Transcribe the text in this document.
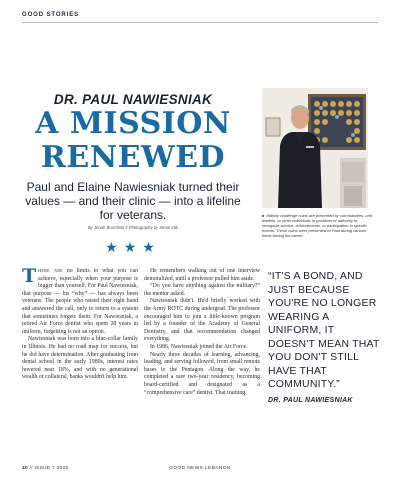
GOOD STORIES
DR. PAUL NAWIESNIAK
A MISSION
RENEWED
Paul and Elaine Nawiesniak turned their values — and their clinic — into a lifeline for veterans.
By Jenah Brumfield // Photography by Steve Zak
★★★
■ Military challenge coins are presented by commanders, unit leaders, or other individuals in positions of authority to recognize service, achievements, or participation in specific events. These coins were presented to Paul during various times during his career.

There are no limits to what you can achieve, especially when your purpose is bigger than yourself. For Paul Nawiesniak, that purpose — his “why” — has always been veterans. The people who raised their right hand and answered the call, only to return to a system that sometimes forgets them. For Nawiesniak, a retired Air Force dentist who spent 28 years in uniform, forgetting is not an option.

Nawiesniak was born into a blue-collar family in Illinois. He had no road map for success, but he did have determination. After graduating from dental school in the early 1980s, interest rates hovered near 18%, and with no generational wealth or collateral, banks wouldn't help him.

He remembers walking out of one interview demoralized, until a professor pulled him aside.

“Do you have anything against the military?” the mentor asked.

Nawiesniak didn't. He'd briefly worked with the Army ROTC during undergrad. The professor encouraged him to join a little-known program led by a founder of the Academy of General Dentistry, and that recommendation changed everything.

In 1986, Nawiesniak joined the Air Force.

Nearly three decades of learning, advancing, leading, and serving followed, from small remote bases to the Pentagon. Along the way, he completed a rare two-year residency, becoming board-certified and designated as a “comprehensive care” dentist. That training

“IT'S A BOND, AND JUST BECAUSE YOU'RE NO LONGER WEARING A UNIFORM, IT DOESN'T MEAN THAT YOU DON'T STILL HAVE THAT COMMUNITY.”
DR. PAUL NAWIESNIAK
40 // ISSUE 7 2025	GOOD NEWS LEBANON
